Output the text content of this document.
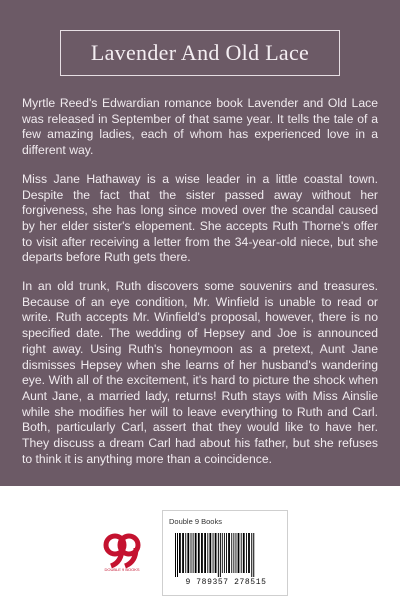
Lavender And Old Lace

Myrtle Reed's Edwardian romance book Lavender and Old Lace was released in September of that same year. It tells the tale of a few amazing ladies, each of whom has experienced love in a different way.

Miss Jane Hathaway is a wise leader in a little coastal town. Despite the fact that the sister passed away without her forgiveness, she has long since moved over the scandal caused by her elder sister's elopement. She accepts Ruth Thorne's offer to visit after receiving a letter from the 34-year-old niece, but she departs before Ruth gets there.

In an old trunk, Ruth discovers some souvenirs and treasures. Because of an eye condition, Mr. Winfield is unable to read or write. Ruth accepts Mr. Winfield's proposal, however, there is no specified date. The wedding of Hepsey and Joe is announced right away. Using Ruth's honeymoon as a pretext, Aunt Jane dismisses Hepsey when she learns of her husband's wandering eye. With all of the excitement, it's hard to picture the shock when Aunt Jane, a married lady, returns! Ruth stays with Miss Ainslie while she modifies her will to leave everything to Ruth and Carl. Both, particularly Carl, assert that they would like to have her. They discuss a dream Carl had about his father, but she refuses to think it is anything more than a coincidence.

DOUBLE 9 BOOKS
Double 9 Books
9 789357 278515
